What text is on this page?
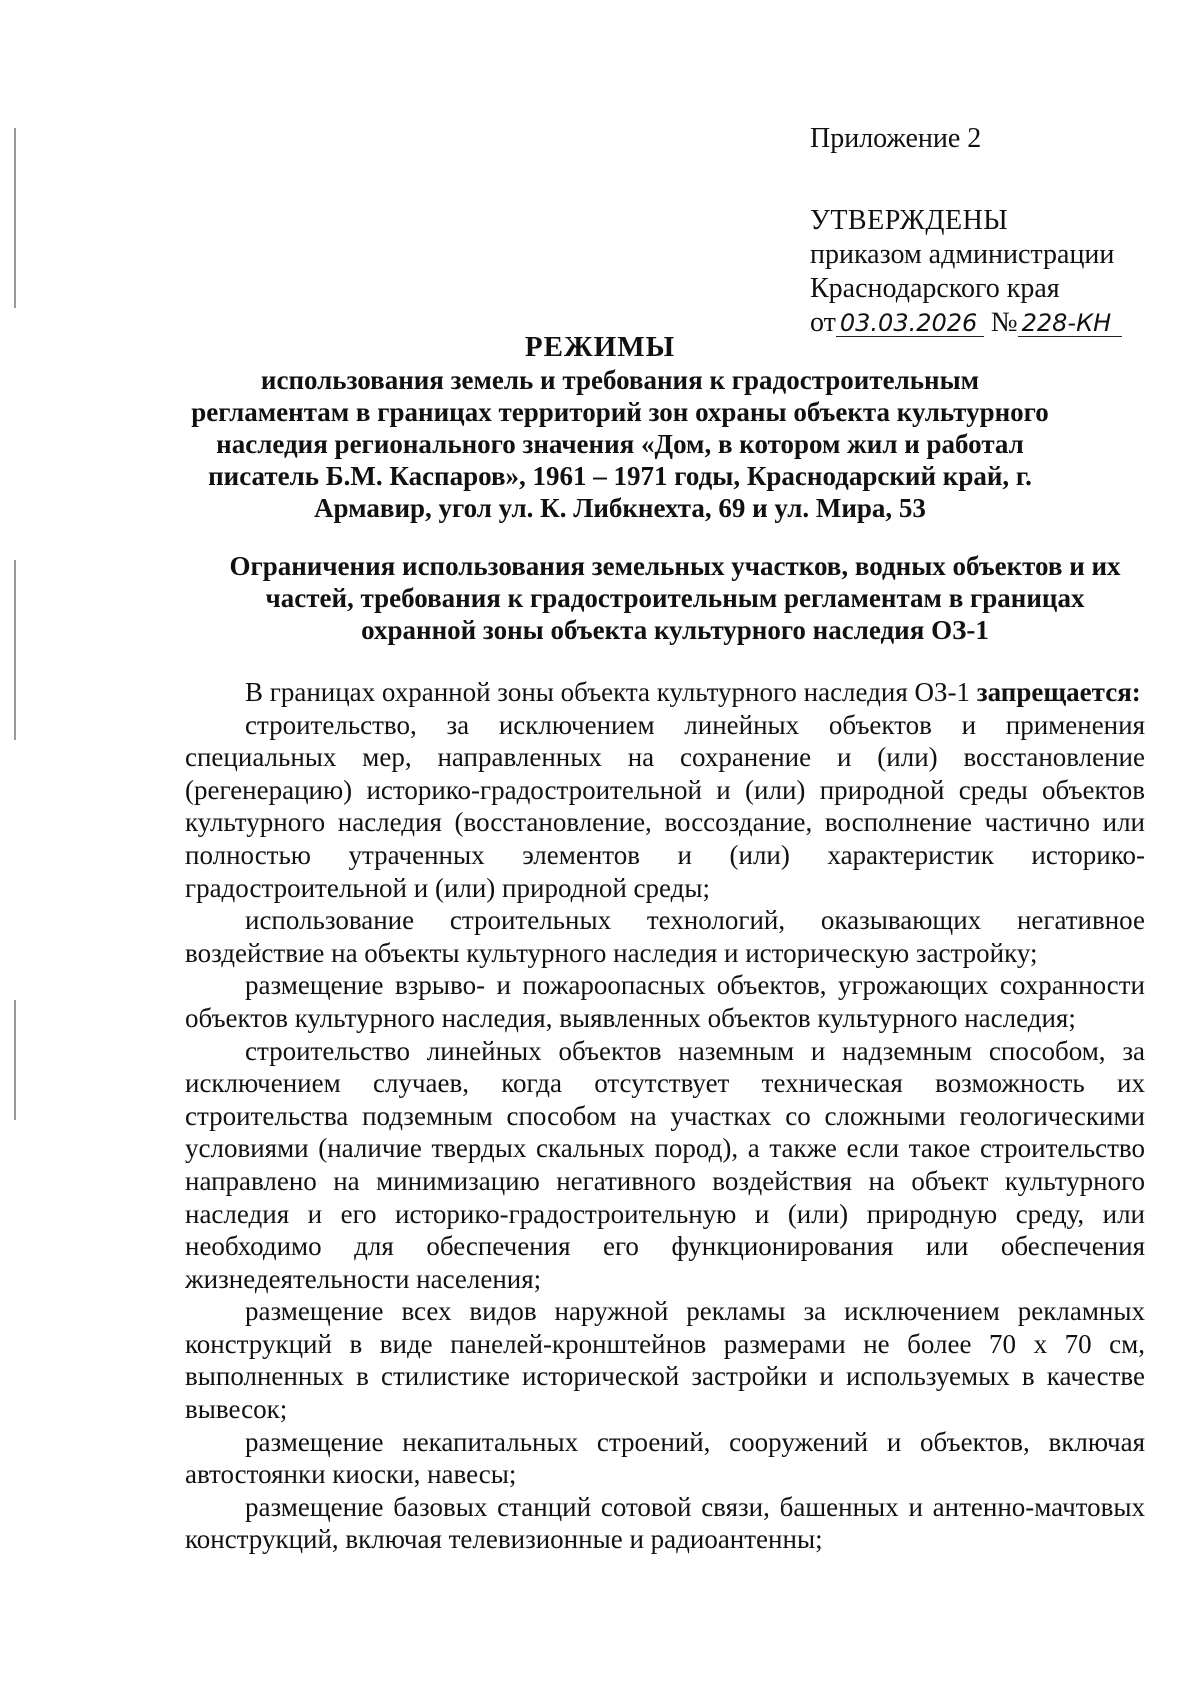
Приложение 2
УТВЕРЖДЕНЫ
приказом администрации
Краснодарского края
от 03.03.2026 № 228-КН
РЕЖИМЫ
использования земель и требования к градостроительным регламентам в границах территорий зон охраны объекта культурного наследия регионального значения «Дом, в котором жил и работал писатель Б.М. Каспаров», 1961 – 1971 годы, Краснодарский край, г. Армавир, угол ул. К. Либкнехта, 69 и ул. Мира, 53
Ограничения использования земельных участков, водных объектов и их частей, требования к градостроительным регламентам в границах охранной зоны объекта культурного наследия ОЗ-1

В границах охранной зоны объекта культурного наследия ОЗ-1 запрещается:

строительство, за исключением линейных объектов и применения специальных мер, направленных на сохранение и (или) восстановление (регенерацию) историко-градостроительной и (или) природной среды объектов культурного наследия (восстановление, воссоздание, восполнение частично или полностью утраченных элементов и (или) характеристик историко-градостроительной и (или) природной среды;

использование строительных технологий, оказывающих негативное воздействие на объекты культурного наследия и историческую застройку;

размещение взрыво- и пожароопасных объектов, угрожающих сохранности объектов культурного наследия, выявленных объектов культурного наследия;

строительство линейных объектов наземным и надземным способом, за исключением случаев, когда отсутствует техническая возможность их строительства подземным способом на участках со сложными геологическими условиями (наличие твердых скальных пород), а также если такое строительство направлено на минимизацию негативного воздействия на объект культурного наследия и его историко-градостроительную и (или) природную среду, или необходимо для обеспечения его функционирования или обеспечения жизнедеятельности населения;

размещение всех видов наружной рекламы за исключением рекламных конструкций в виде панелей-кронштейнов размерами не более 70 х 70 см, выполненных в стилистике исторической застройки и используемых в качестве вывесок;

размещение некапитальных строений, сооружений и объектов, включая автостоянки киоски, навесы;

размещение базовых станций сотовой связи, башенных и антенно-мачтовых конструкций, включая телевизионные и радиоантенны;
